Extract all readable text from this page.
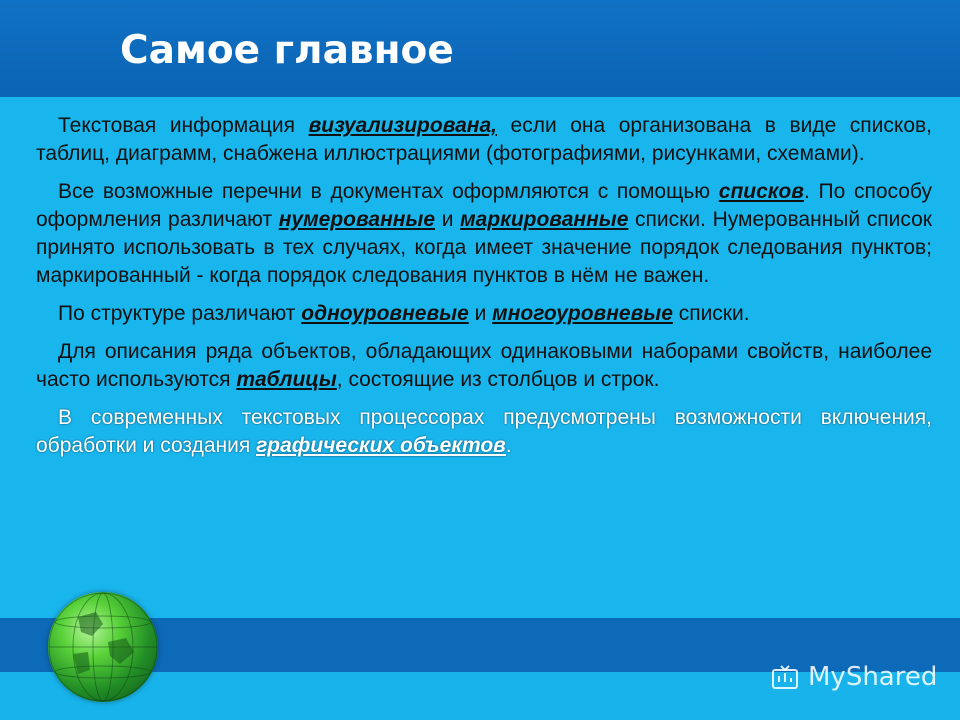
Самое главное

Текстовая информация визуализирована, если она организована в виде списков, таблиц, диаграмм, снабжена иллюстрациями (фотографиями, рисунками, схемами).

Все возможные перечни в документах оформляются с помощью списков. По способу оформления различают нумерованные и маркированные списки. Нумерованный список принято использовать в тех случаях, когда имеет значение порядок следования пунктов; маркированный - когда порядок следования пунктов в нём не важен.

По структуре различают одноуровневые и многоуровневые списки.

Для описания ряда объектов, обладающих одинаковыми наборами свойств, наиболее часто используются таблицы, состоящие из столбцов и строк.

В современных текстовых процессорах предусмотрены возможности включения, обработки и создания графических объектов.

MyShared
